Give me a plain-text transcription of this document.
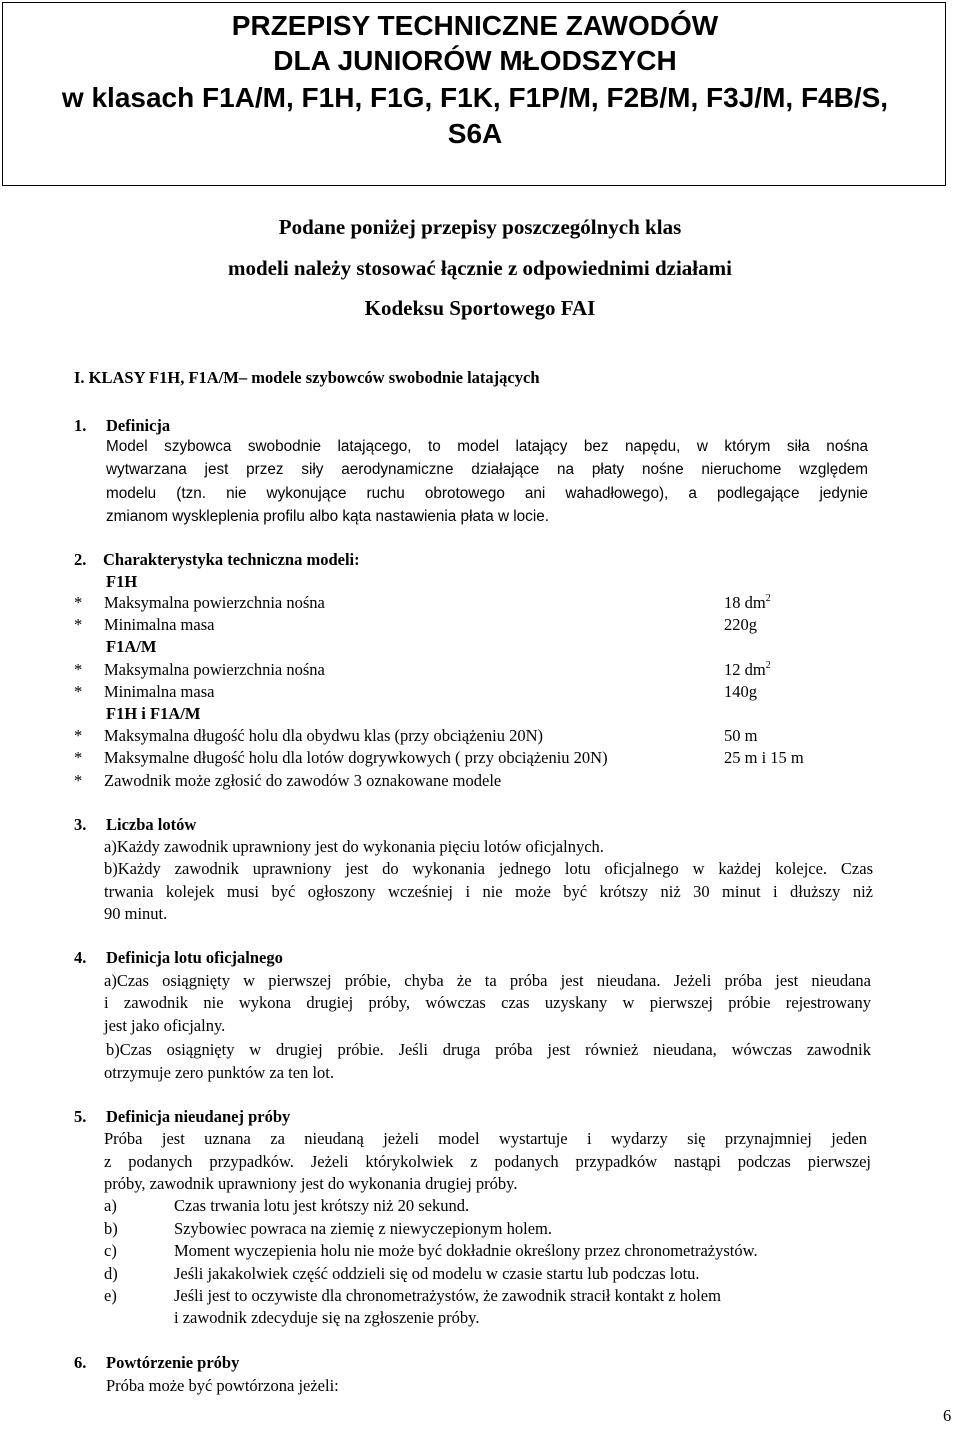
PRZEPISY TECHNICZNE ZAWODÓW
DLA JUNIORÓW MŁODSZYCH
w klasach F1A/M, F1H, F1G, F1K, F1P/M, F2B/M, F3J/M, F4B/S,
S6A
Podane poniżej przepisy poszczególnych klas
modeli należy stosować łącznie z odpowiednimi działami
Kodeksu Sportowego FAI
I. KLASY F1H, F1A/M– modele szybowców swobodnie latających
1. Definicja
Model szybowca swobodnie latającego, to model latający bez napędu, w którym siła nośna
wytwarzana jest przez siły aerodynamiczne działające na płaty nośne nieruchome względem
modelu (tzn. nie wykonujące ruchu obrotowego ani wahadłowego), a podlegające jedynie
zmianom wyskleplenia profilu albo kąta nastawienia płata w locie.
2. Charakterystyka techniczna modeli:
F1H
* Maksymalna powierzchnia nośna	18 $dm^2$
* Minimalna masa	220g
F1A/M
* Maksymalna powierzchnia nośna	12 $dm^2$
* Minimalna masa	140g
F1H i F1A/M
* Maksymalna długość holu dla obydwu klas (przy obciążeniu 20N)	50 m
* Maksymalne długość holu dla lotów dogrywkowych ( przy obciążeniu 20N)	25 m i 15 m
* Zawodnik może zgłosić do zawodów 3 oznakowane modele
3. Liczba lotów
a)Każdy zawodnik uprawniony jest do wykonania pięciu lotów oficjalnych.
b)Każdy zawodnik uprawniony jest do wykonania jednego lotu oficjalnego w każdej kolejce. Czas
trwania kolejek musi być ogłoszony wcześniej i nie może być krótszy niż 30 minut i dłuższy niż
90 minut.
4. Definicja lotu oficjalnego
a)Czas osiągnięty w pierwszej próbie, chyba że ta próba jest nieudana. Jeżeli próba jest nieudana
i zawodnik nie wykona drugiej próby, wówczas czas uzyskany w pierwszej próbie rejestrowany
jest jako oficjalny.
b)Czas osiągnięty w drugiej próbie. Jeśli druga próba jest również nieudana, wówczas zawodnik
otrzymuje zero punktów za ten lot.
5. Definicja nieudanej próby
Próba jest uznana za nieudaną jeżeli model wystartuje i wydarzy się przynajmniej jeden
z podanych przypadków. Jeżeli którykolwiek z podanych przypadków nastąpi podczas pierwszej
próby, zawodnik uprawniony jest do wykonania drugiej próby.
a)	Czas trwania lotu jest krótszy niż 20 sekund.
b)	Szybowiec powraca na ziemię z niewyczepionym holem.
c)	Moment wyczepienia holu nie może być dokładnie określony przez chronometrażystów.
d)	Jeśli jakakolwiek część oddzieli się od modelu w czasie startu lub podczas lotu.
e)	Jeśli jest to oczywiste dla chronometrażystów, że zawodnik stracił kontakt z holem
i zawodnik zdecyduje się na zgłoszenie próby.
6. Powtórzenie próby
Próba może być powtórzona jeżeli:
6
